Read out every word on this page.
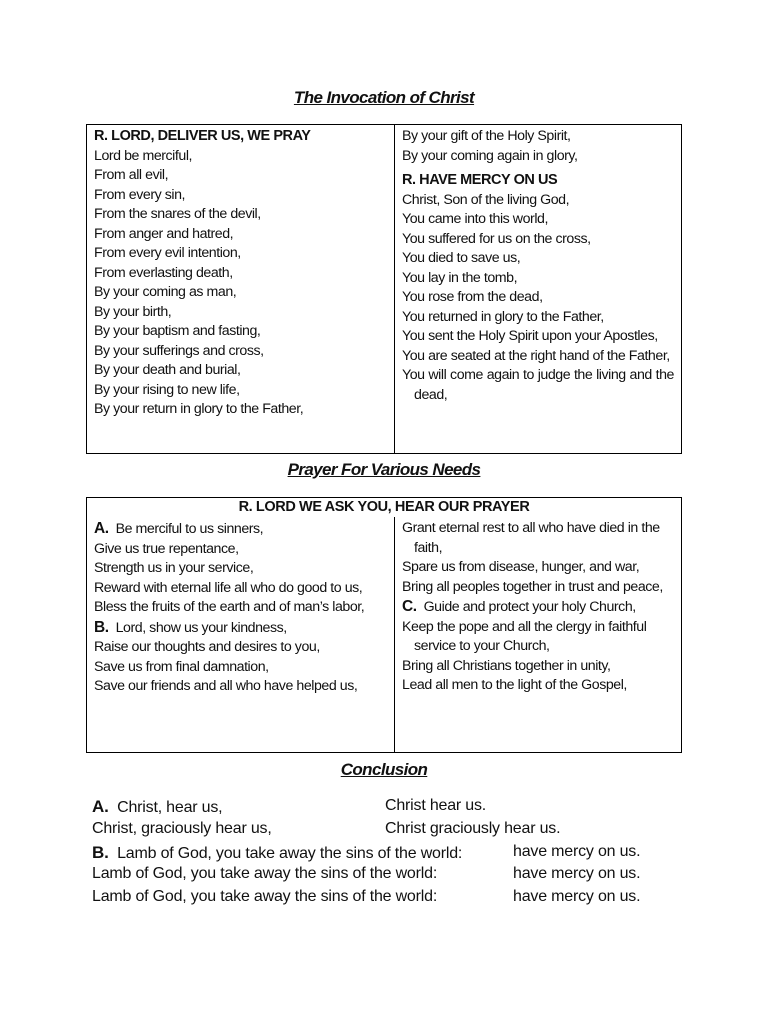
The Invocation of Christ
R. LORD, DELIVER US, WE PRAY
Lord be merciful,
From all evil,
From every sin,
From the snares of the devil,
From anger and hatred,
From every evil intention,
From everlasting death,
By your coming as man,
By your birth,
By your baptism and fasting,
By your sufferings and cross,
By your death and burial,
By your rising to new life,
By your return in glory to the Father,
By your gift of the Holy Spirit,
By your coming again in glory,
R. HAVE MERCY ON US
Christ, Son of the living God,
You came into this world,
You suffered for us on the cross,
You died to save us,
You lay in the tomb,
You rose from the dead,
You returned in glory to the Father,
You sent the Holy Spirit upon your Apostles,
You are seated at the right hand of the Father,
You will come again to judge the living and the dead,
Prayer For Various Needs
R. LORD WE ASK YOU, HEAR OUR PRAYER
A. Be merciful to us sinners,
Give us true repentance,
Strength us in your service,
Reward with eternal life all who do good to us,
Bless the fruits of the earth and of man’s labor,
B. Lord, show us your kindness,
Raise our thoughts and desires to you,
Save us from final damnation,
Save our friends and all who have helped us,
Grant eternal rest to all who have died in the faith,
Spare us from disease, hunger, and war,
Bring all peoples together in trust and peace,
C. Guide and protect your holy Church,
Keep the pope and all the clergy in faithful service to your Church,
Bring all Christians together in unity,
Lead all men to the light of the Gospel,
Conclusion
A. Christ, hear us,	Christ hear us.
Christ, graciously hear us,	Christ graciously hear us.
B. Lamb of God, you take away the sins of the world:	have mercy on us.
Lamb of God, you take away the sins of the world:	have mercy on us.
Lamb of God, you take away the sins of the world:	have mercy on us.
